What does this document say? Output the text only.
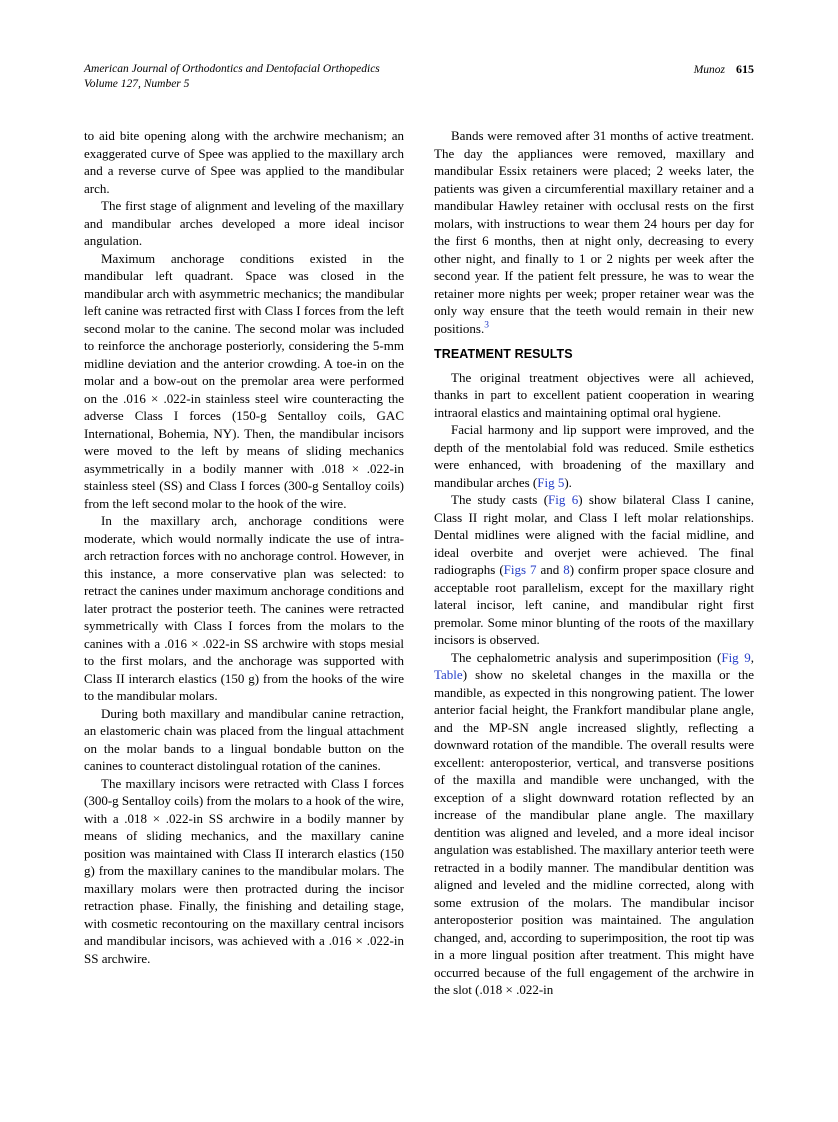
American Journal of Orthodontics and Dentofacial Orthopedics
Volume 127, Number 5
Munoz 615

to aid bite opening along with the archwire mechanism; an exaggerated curve of Spee was applied to the maxillary arch and a reverse curve of Spee was applied to the mandibular arch.

The first stage of alignment and leveling of the maxillary and mandibular arches developed a more ideal incisor angulation.

Maximum anchorage conditions existed in the mandibular left quadrant. Space was closed in the mandibular arch with asymmetric mechanics; the mandibular left canine was retracted first with Class I forces from the left second molar to the canine. The second molar was included to reinforce the anchorage posteriorly, considering the 5-mm midline deviation and the anterior crowding. A toe-in on the molar and a bow-out on the premolar area were performed on the .016 × .022-in stainless steel wire counteracting the adverse Class I forces (150-g Sentalloy coils, GAC International, Bohemia, NY). Then, the mandibular incisors were moved to the left by means of sliding mechanics asymmetrically in a bodily manner with .018 × .022-in stainless steel (SS) and Class I forces (300-g Sentalloy coils) from the left second molar to the hook of the wire.

In the maxillary arch, anchorage conditions were moderate, which would normally indicate the use of intra-arch retraction forces with no anchorage control. However, in this instance, a more conservative plan was selected: to retract the canines under maximum anchorage conditions and later protract the posterior teeth. The canines were retracted symmetrically with Class I forces from the molars to the canines with a .016 × .022-in SS archwire with stops mesial to the first molars, and the anchorage was supported with Class II interarch elastics (150 g) from the hooks of the wire to the mandibular molars.

During both maxillary and mandibular canine retraction, an elastomeric chain was placed from the lingual attachment on the molar bands to a lingual bondable button on the canines to counteract distolingual rotation of the canines.

The maxillary incisors were retracted with Class I forces (300-g Sentalloy coils) from the molars to a hook of the wire, with a .018 × .022-in SS archwire in a bodily manner by means of sliding mechanics, and the maxillary canine position was maintained with Class II interarch elastics (150 g) from the maxillary canines to the mandibular molars. The maxillary molars were then protracted during the incisor retraction phase. Finally, the finishing and detailing stage, with cosmetic recontouring on the maxillary central incisors and mandibular incisors, was achieved with a .016 × .022-in SS archwire.

Bands were removed after 31 months of active treatment. The day the appliances were removed, maxillary and mandibular Essix retainers were placed; 2 weeks later, the patients was given a circumferential maxillary retainer and a mandibular Hawley retainer with occlusal rests on the first molars, with instructions to wear them 24 hours per day for the first 6 months, then at night only, decreasing to every other night, and finally to 1 or 2 nights per week after the second year. If the patient felt pressure, he was to wear the retainer more nights per week; proper retainer wear was the only way ensure that the teeth would remain in their new positions.$^3$

TREATMENT RESULTS

The original treatment objectives were all achieved, thanks in part to excellent patient cooperation in wearing intraoral elastics and maintaining optimal oral hygiene.

Facial harmony and lip support were improved, and the depth of the mentolabial fold was reduced. Smile esthetics were enhanced, with broadening of the maxillary and mandibular arches (Fig 5).

The study casts (Fig 6) show bilateral Class I canine, Class II right molar, and Class I left molar relationships. Dental midlines were aligned with the facial midline, and ideal overbite and overjet were achieved. The final radiographs (Figs 7 and 8) confirm proper space closure and acceptable root parallelism, except for the maxillary right lateral incisor, left canine, and mandibular right first premolar. Some minor blunting of the roots of the maxillary incisors is observed.

The cephalometric analysis and superimposition (Fig 9, Table) show no skeletal changes in the maxilla or the mandible, as expected in this nongrowing patient. The lower anterior facial height, the Frankfort mandibular plane angle, and the MP-SN angle increased slightly, reflecting a downward rotation of the mandible. The overall results were excellent: anteroposterior, vertical, and transverse positions of the maxilla and mandible were unchanged, with the exception of a slight downward rotation reflected by an increase of the mandibular plane angle. The maxillary dentition was aligned and leveled, and a more ideal incisor angulation was established. The maxillary anterior teeth were retracted in a bodily manner. The mandibular dentition was aligned and leveled and the midline corrected, along with some extrusion of the molars. The mandibular incisor anteroposterior position was maintained. The angulation changed, and, according to superimposition, the root tip was in a more lingual position after treatment. This might have occurred because of the full engagement of the archwire in the slot (.018 × .022-in
